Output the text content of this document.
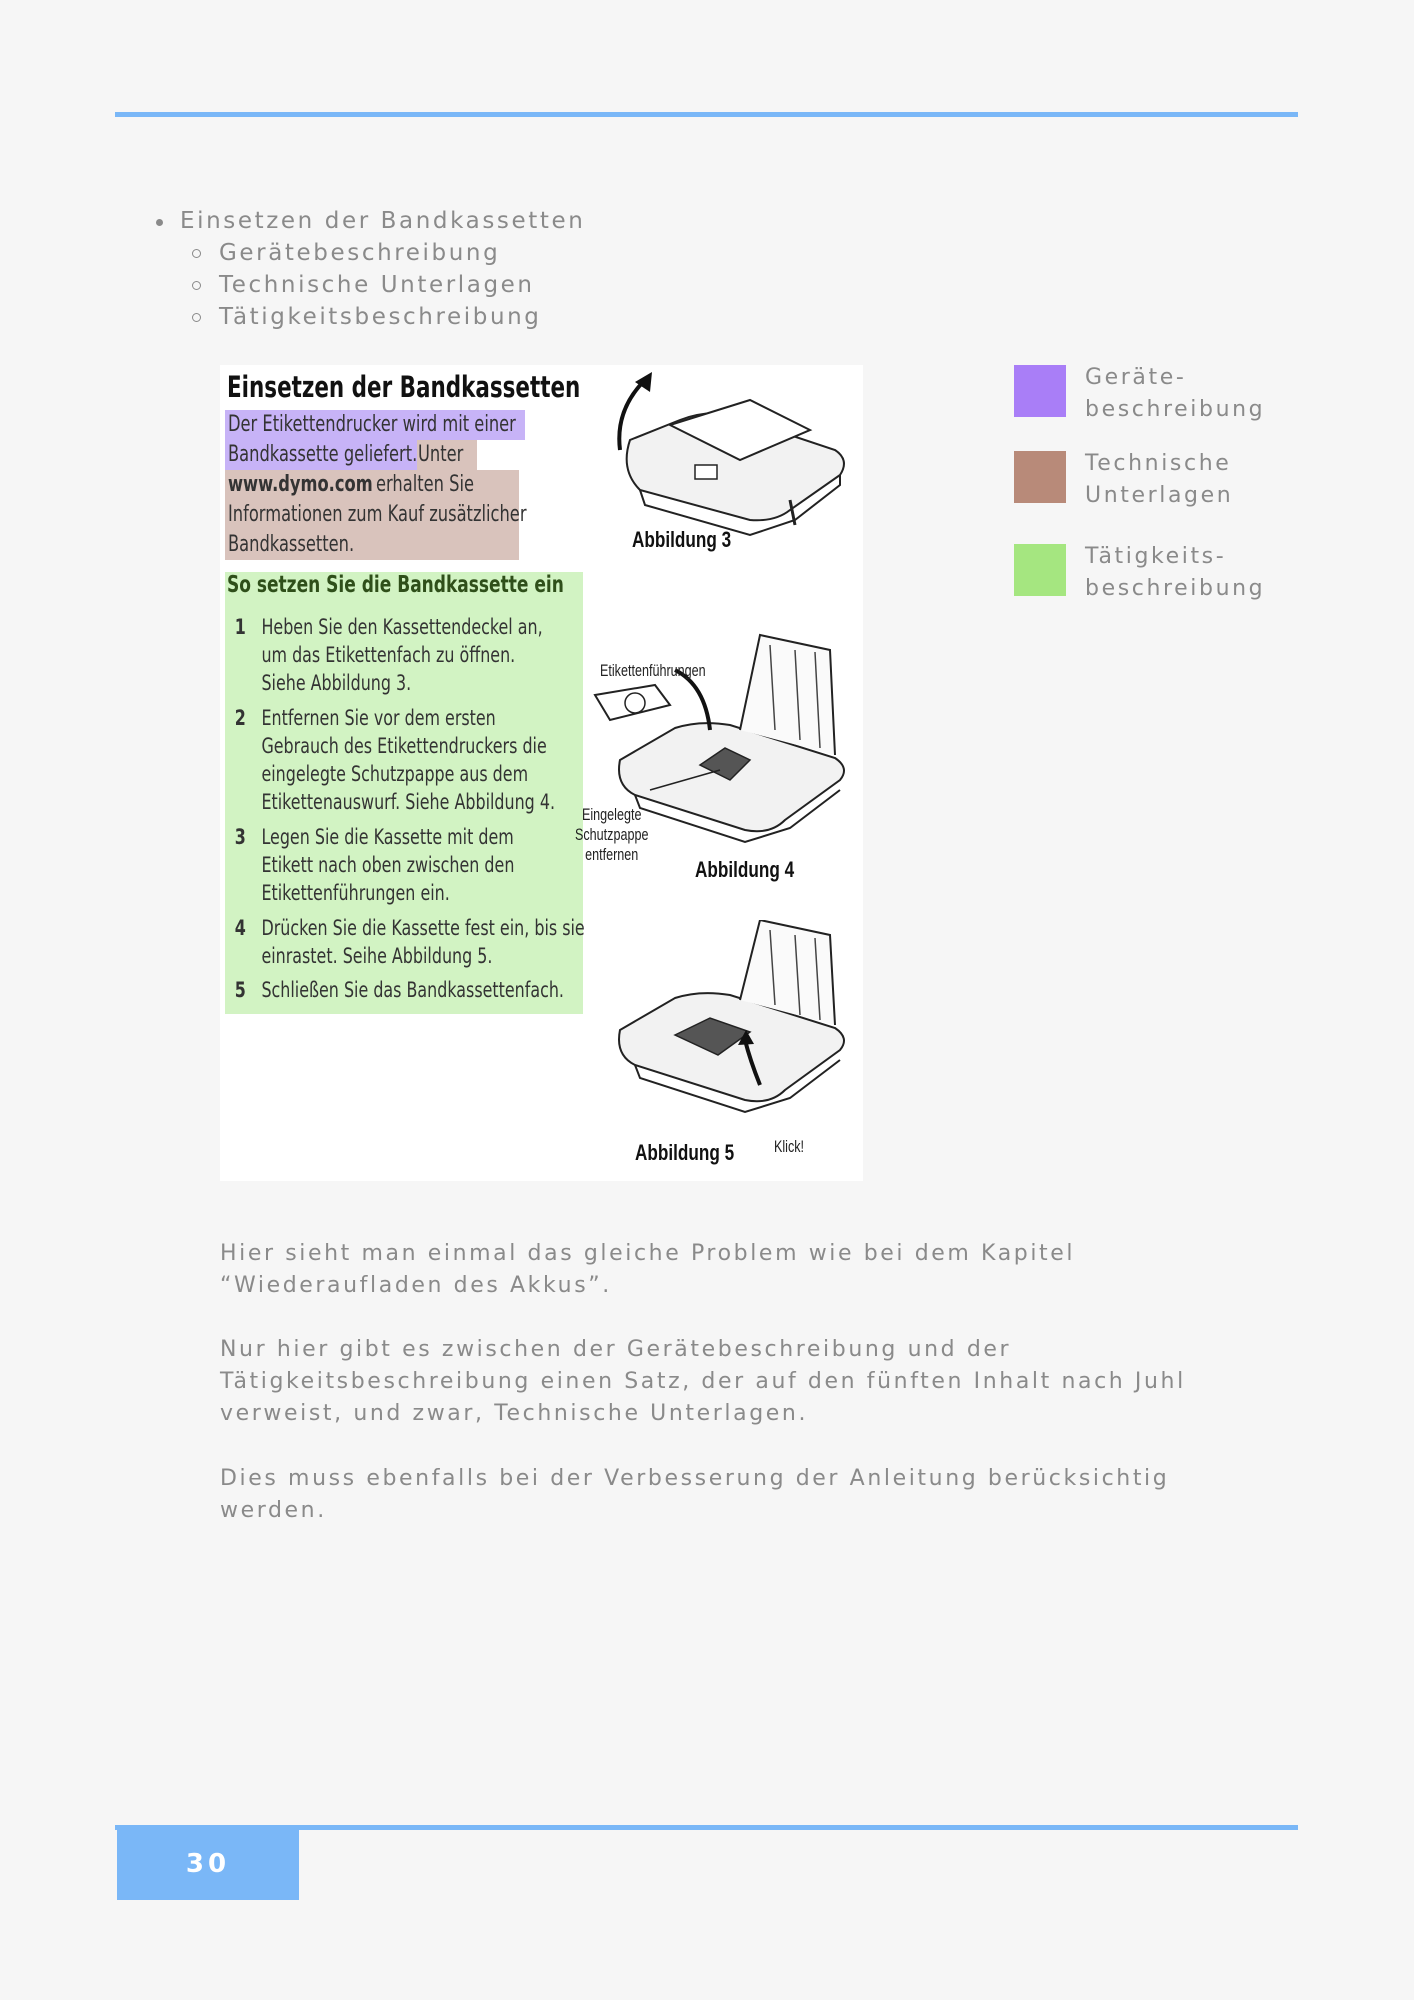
Einsetzen der Bandkassetten
Gerätebeschreibung
Technische Unterlagen
Tätigkeitsbeschreibung
Einsetzen der Bandkassetten
Der Etikettendrucker wird mit einer
Bandkassette geliefert. Unter
www.dymo.com erhalten Sie
Informationen zum Kauf zusätzlicher
Bandkassetten.
So setzen Sie die Bandkassette ein
1 Heben Sie den Kassettendeckel an,
um das Etikettenfach zu öffnen.
Siehe Abbildung 3.
2 Entfernen Sie vor dem ersten
Gebrauch des Etikettendruckers die
eingelegte Schutzpappe aus dem
Etikettenauswurf. Siehe Abbildung 4.
3 Legen Sie die Kassette mit dem
Etikett nach oben zwischen den
Etikettenführungen ein.
4 Drücken Sie die Kassette fest ein, bis sie
einrastet. Seihe Abbildung 5.
5 Schließen Sie das Bandkassettenfach.
Abbildung 3
Etikettenführungen
Eingelegte
Schutzpappe
entfernen
Abbildung 4
Abbildung 5 Klick!
Geräte-
beschreibung
Technische
Unterlagen
Tätigkeits-
beschreibung
Hier sieht man einmal das gleiche Problem wie bei dem Kapitel
“Wiederaufladen des Akkus”.
Nur hier gibt es zwischen der Gerätebeschreibung und der
Tätigkeitsbeschreibung einen Satz, der auf den fünften Inhalt nach Juhl
verweist, und zwar, Technische Unterlagen.
Dies muss ebenfalls bei der Verbesserung der Anleitung berücksichtig
werden.
30
